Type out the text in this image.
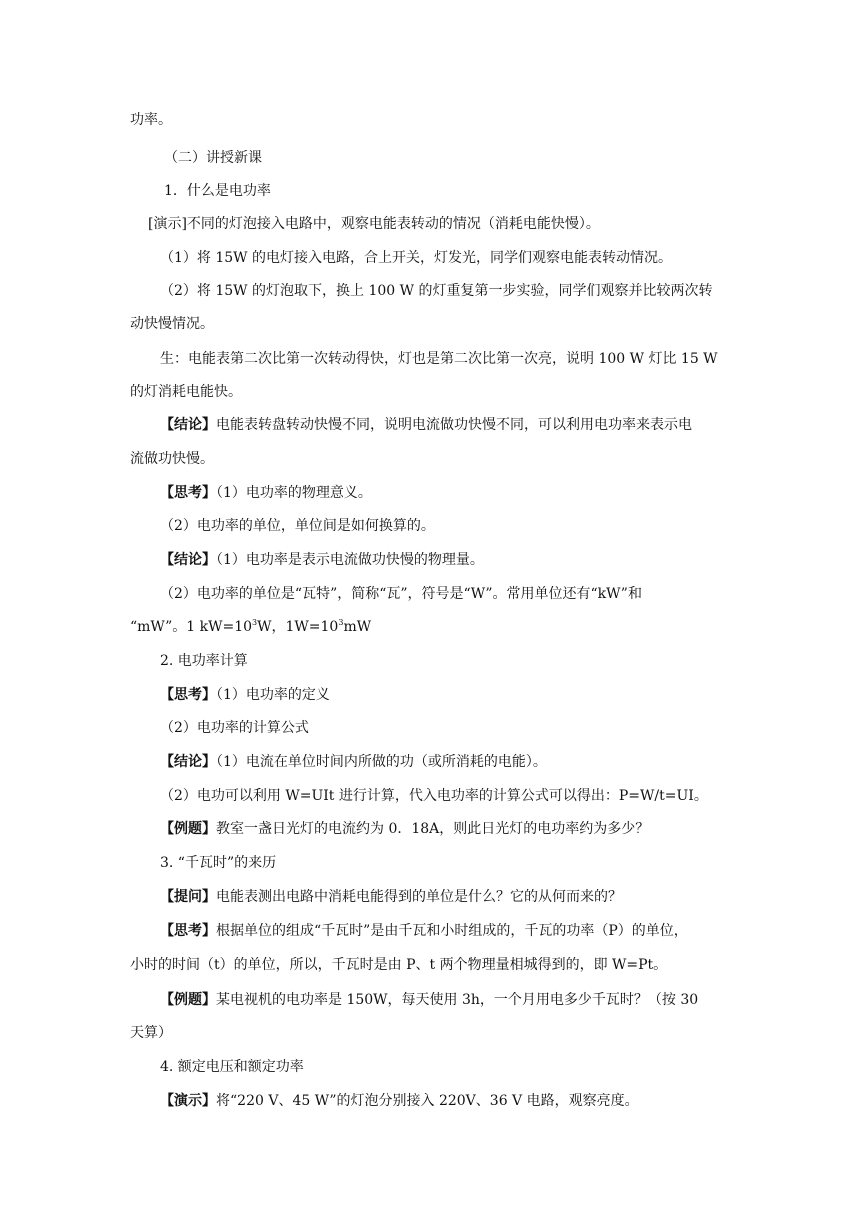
功率。
（二）讲授新课
1．什么是电功率
[演示]不同的灯泡接入电路中，观察电能表转动的情况（消耗电能快慢）。
（1）将 15W 的电灯接入电路，合上开关，灯发光，同学们观察电能表转动情况。
（2）将 15W 的灯泡取下，换上 100 W 的灯重复第一步实验，同学们观察并比较两次转
动快慢情况。
生：电能表第二次比第一次转动得快，灯也是第二次比第一次亮，说明 100 W 灯比 15 W
的灯消耗电能快。
【结论】电能表转盘转动快慢不同，说明电流做功快慢不同，可以利用电功率来表示电
流做功快慢。
【思考】（1）电功率的物理意义。
（2）电功率的单位，单位间是如何换算的。
【结论】（1）电功率是表示电流做功快慢的物理量。
（2）电功率的单位是“瓦特”，简称“瓦”，符号是“W”。常用单位还有“kW”和
“mW”。1 $kW=10^3W$，$1W=10^3mW$
2. 电功率计算
【思考】（1）电功率的定义
（2）电功率的计算公式
【结论】（1）电流在单位时间内所做的功（或所消耗的电能）。
（2）电功可以利用 W=UIt 进行计算，代入电功率的计算公式可以得出：P=W/t=UI。
【例题】教室一盏日光灯的电流约为 0．18A，则此日光灯的电功率约为多少？
3. “千瓦时”的来历
【提问】电能表测出电路中消耗电能得到的单位是什么？它的从何而来的？
【思考】根据单位的组成“千瓦时”是由千瓦和小时组成的，千瓦的功率（P）的单位，
小时的时间（t）的单位，所以，千瓦时是由 P、t 两个物理量相城得到的，即 W=Pt。
【例题】某电视机的电功率是 150W，每天使用 3h，一个月用电多少千瓦时？（按 30
天算）
4. 额定电压和额定功率
【演示】将“220 V、45 W”的灯泡分别接入 220V、36 V 电路，观察亮度。
